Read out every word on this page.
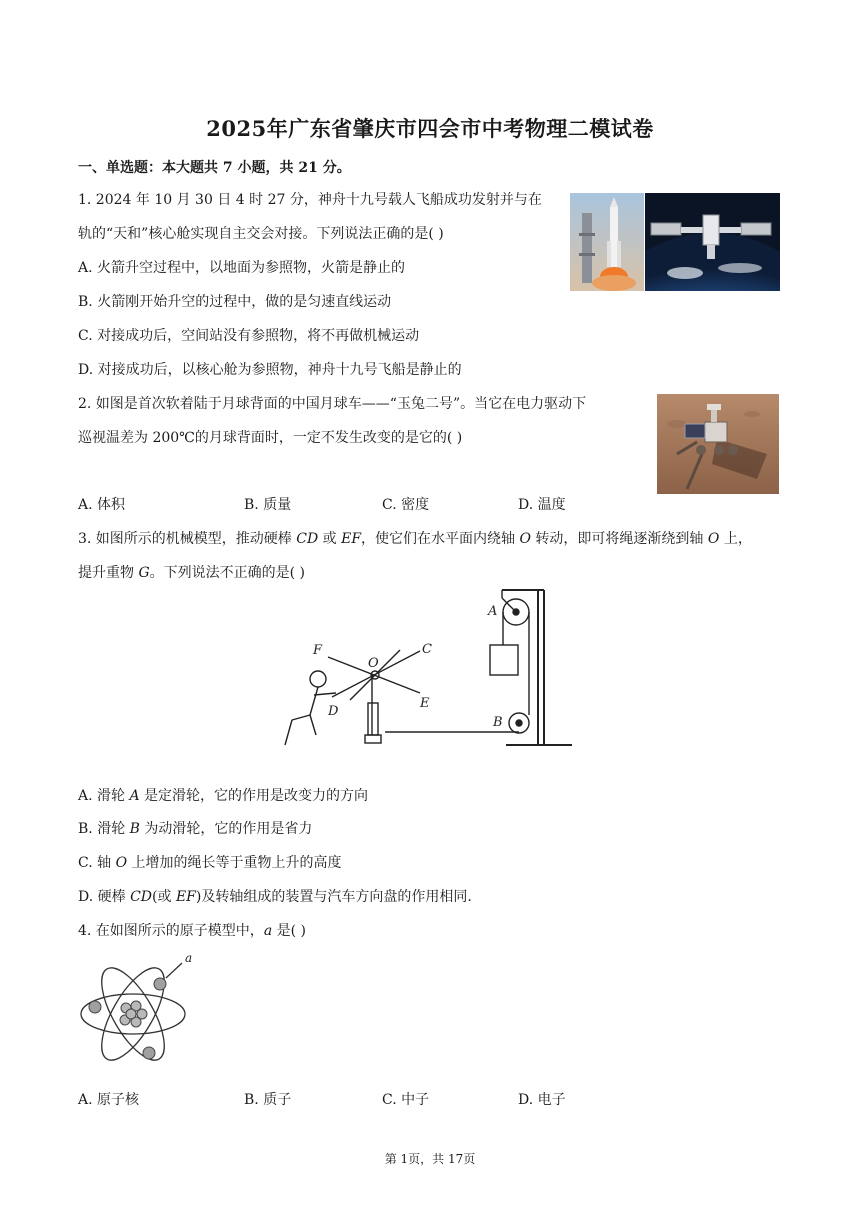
2025年广东省肇庆市四会市中考物理二模试卷
一、单选题：本大题共 7 小题，共 21 分。
1. 2024 年 10 月 30 日 4 时 27 分，神舟十九号载人飞船成功发射并与在
轨的“天和”核心舱实现自主交会对接。下列说法正确的是( )
A. 火箭升空过程中，以地面为参照物，火箭是静止的
B. 火箭刚开始升空的过程中，做的是匀速直线运动
C. 对接成功后，空间站没有参照物，将不再做机械运动
D. 对接成功后，以核心舱为参照物，神舟十九号飞船是静止的
2. 如图是首次软着陆于月球背面的中国月球车——“玉兔二号”。当它在电力驱动下
巡视温差为 200℃的月球背面时，一定不发生改变的是它的( )
A. 体积	B. 质量	C. 密度	D. 温度
3. 如图所示的机械模型，推动硬棒 CD 或 EF，使它们在水平面内绕轴 O 转动，即可将绳逐渐绕到轴 O 上，
提升重物 G。下列说法不正确的是( )
A
B
C
D
E
F
O
A. 滑轮 A 是定滑轮，它的作用是改变力的方向
B. 滑轮 B 为动滑轮，它的作用是省力
C. 轴 O 上增加的绳长等于重物上升的高度
D. 硬棒 CD(或 EF)及转轴组成的装置与汽车方向盘的作用相同.
4. 在如图所示的原子模型中，a 是( )
a
A. 原子核	B. 质子	C. 中子	D. 电子
第 1页，共 17页
